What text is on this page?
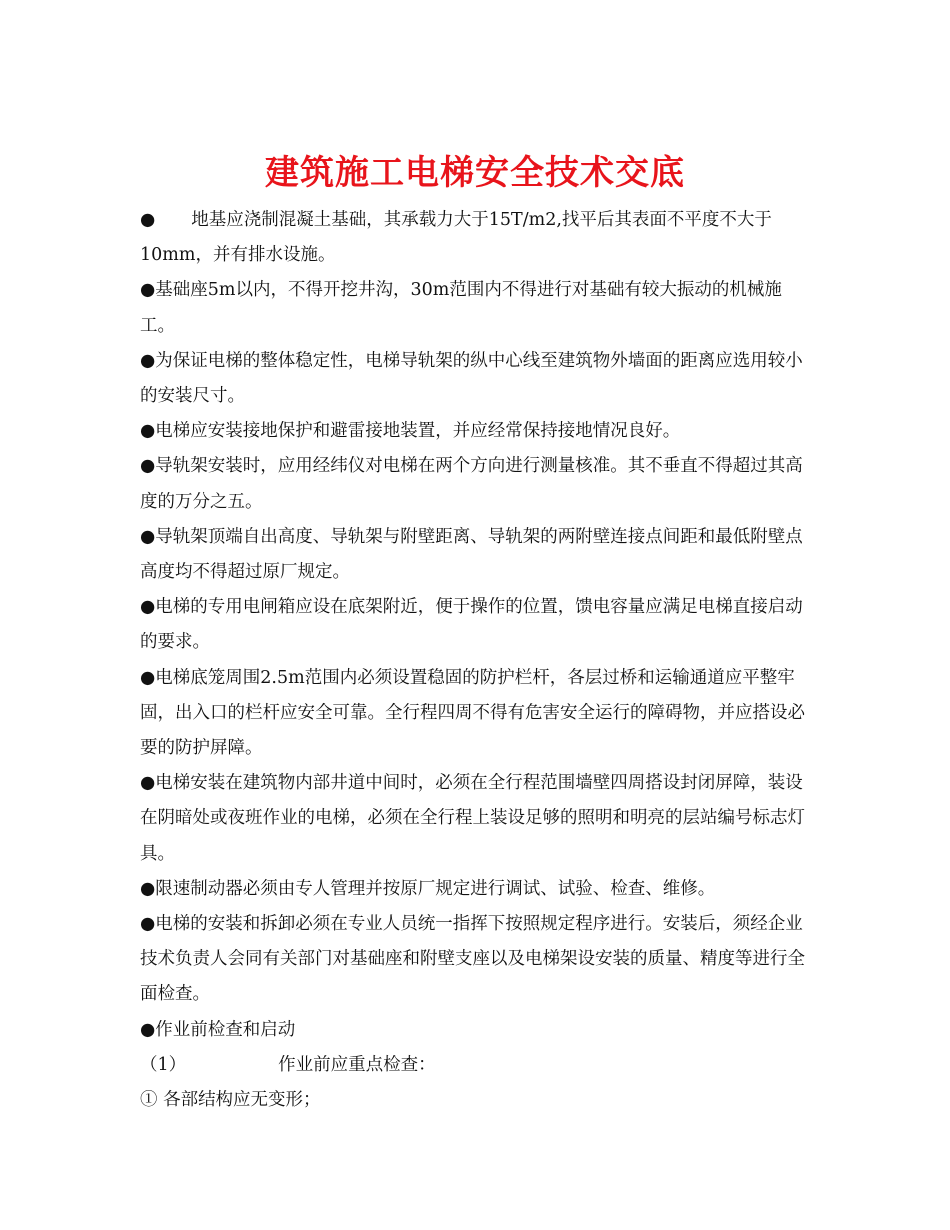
建筑施工电梯安全技术交底

● 地基应浇制混凝土基础，其承载力大于15T/m2,找平后其表面不平度不大于10mm，并有排水设施。

●基础座5m以内，不得开挖井沟，30m范围内不得进行对基础有较大振动的机械施工。

●为保证电梯的整体稳定性，电梯导轨架的纵中心线至建筑物外墙面的距离应选用较小的安装尺寸。

●电梯应安装接地保护和避雷接地装置，并应经常保持接地情况良好。

●导轨架安装时，应用经纬仪对电梯在两个方向进行测量核准。其不垂直不得超过其高度的万分之五。

●导轨架顶端自出高度、导轨架与附壁距离、导轨架的两附壁连接点间距和最低附壁点高度均不得超过原厂规定。

●电梯的专用电闸箱应设在底架附近，便于操作的位置，馈电容量应满足电梯直接启动的要求。

●电梯底笼周围2.5m范围内必须设置稳固的防护栏杆，各层过桥和运输通道应平整牢固，出入口的栏杆应安全可靠。全行程四周不得有危害安全运行的障碍物，并应搭设必要的防护屏障。

●电梯安装在建筑物内部井道中间时，必须在全行程范围墙壁四周搭设封闭屏障，装设在阴暗处或夜班作业的电梯，必须在全行程上装设足够的照明和明亮的层站编号标志灯具。

●限速制动器必须由专人管理并按原厂规定进行调试、试验、检查、维修。

●电梯的安装和拆卸必须在专业人员统一指挥下按照规定程序进行。安装后，须经企业技术负责人会同有关部门对基础座和附壁支座以及电梯架设安装的质量、精度等进行全面检查。

●作业前检查和启动

（1）	作业前应重点检查：

① 各部结构应无变形；
